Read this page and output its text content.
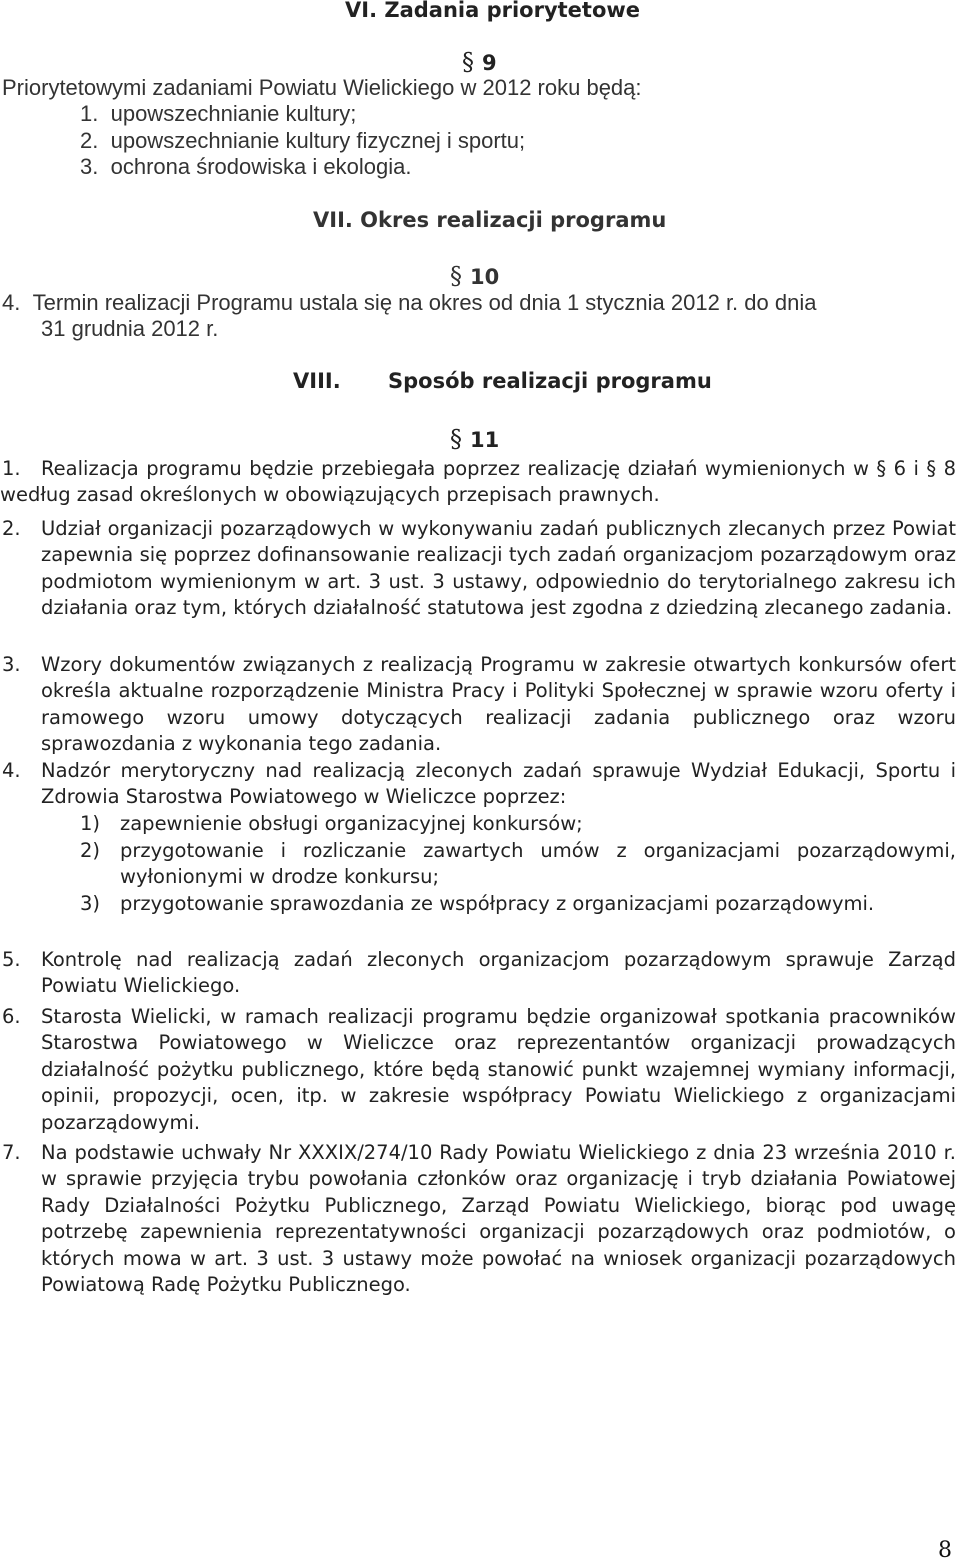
VI. Zadania priorytetowe
§ 9
Priorytetowymi zadaniami Powiatu Wielickiego w 2012 roku będą:
1. upowszechnianie kultury;
2. upowszechnianie kultury fizycznej i sportu;
3. ochrona środowiska i ekologia.
VII. Okres realizacji programu
§ 10
4. Termin realizacji Programu ustala się na okres od dnia 1 stycznia 2012 r. do dnia
31 grudnia 2012 r.
VIII. Sposób realizacji programu
§ 11
1.	Realizacja programu będzie przebiegała poprzez realizację działań wymienionych w § 6 i § 8 według zasad określonych w obowiązujących przepisach prawnych.
2. Udział organizacji pozarządowych w wykonywaniu zadań publicznych zlecanych przez Powiat zapewnia się poprzez dofinansowanie realizacji tych zadań organizacjom pozarządowym oraz podmiotom wymienionym w art. 3 ust. 3 ustawy, odpowiednio do terytorialnego zakresu ich działania oraz tym, których działalność statutowa jest zgodna z dziedziną zlecanego zadania.
3. Wzory dokumentów związanych z realizacją Programu w zakresie otwartych konkursów ofert określa aktualne rozporządzenie Ministra Pracy i Polityki Społecznej w sprawie wzoru oferty i ramowego wzoru umowy dotyczących realizacji zadania publicznego oraz wzoru sprawozdania z wykonania tego zadania.
4. Nadzór merytoryczny nad realizacją zleconych zadań sprawuje Wydział Edukacji, Sportu i Zdrowia Starostwa Powiatowego w Wieliczce poprzez:
1) zapewnienie obsługi organizacyjnej konkursów;
2) przygotowanie i rozliczanie zawartych umów z organizacjami pozarządowymi, wyłonionymi w drodze konkursu;
3) przygotowanie sprawozdania ze współpracy z organizacjami pozarządowymi.
5. Kontrolę nad realizacją zadań zleconych organizacjom pozarządowym sprawuje Zarząd Powiatu Wielickiego.
6. Starosta Wielicki, w ramach realizacji programu będzie organizował spotkania pracowników Starostwa Powiatowego w Wieliczce oraz reprezentantów organizacji prowadzących działalność pożytku publicznego, które będą stanowić punkt wzajemnej wymiany informacji, opinii, propozycji, ocen, itp. w zakresie współpracy Powiatu Wielickiego z organizacjami pozarządowymi.
7. Na podstawie uchwały Nr XXXIX/274/10 Rady Powiatu Wielickiego z dnia 23 września 2010 r. w sprawie przyjęcia trybu powołania członków oraz organizację i tryb działania Powiatowej Rady Działalności Pożytku Publicznego, Zarząd Powiatu Wielickiego, biorąc pod uwagę potrzebę zapewnienia reprezentatywności organizacji pozarządowych oraz podmiotów, o których mowa w art. 3 ust. 3 ustawy może powołać na wniosek organizacji pozarządowych Powiatową Radę Pożytku Publicznego.
8
